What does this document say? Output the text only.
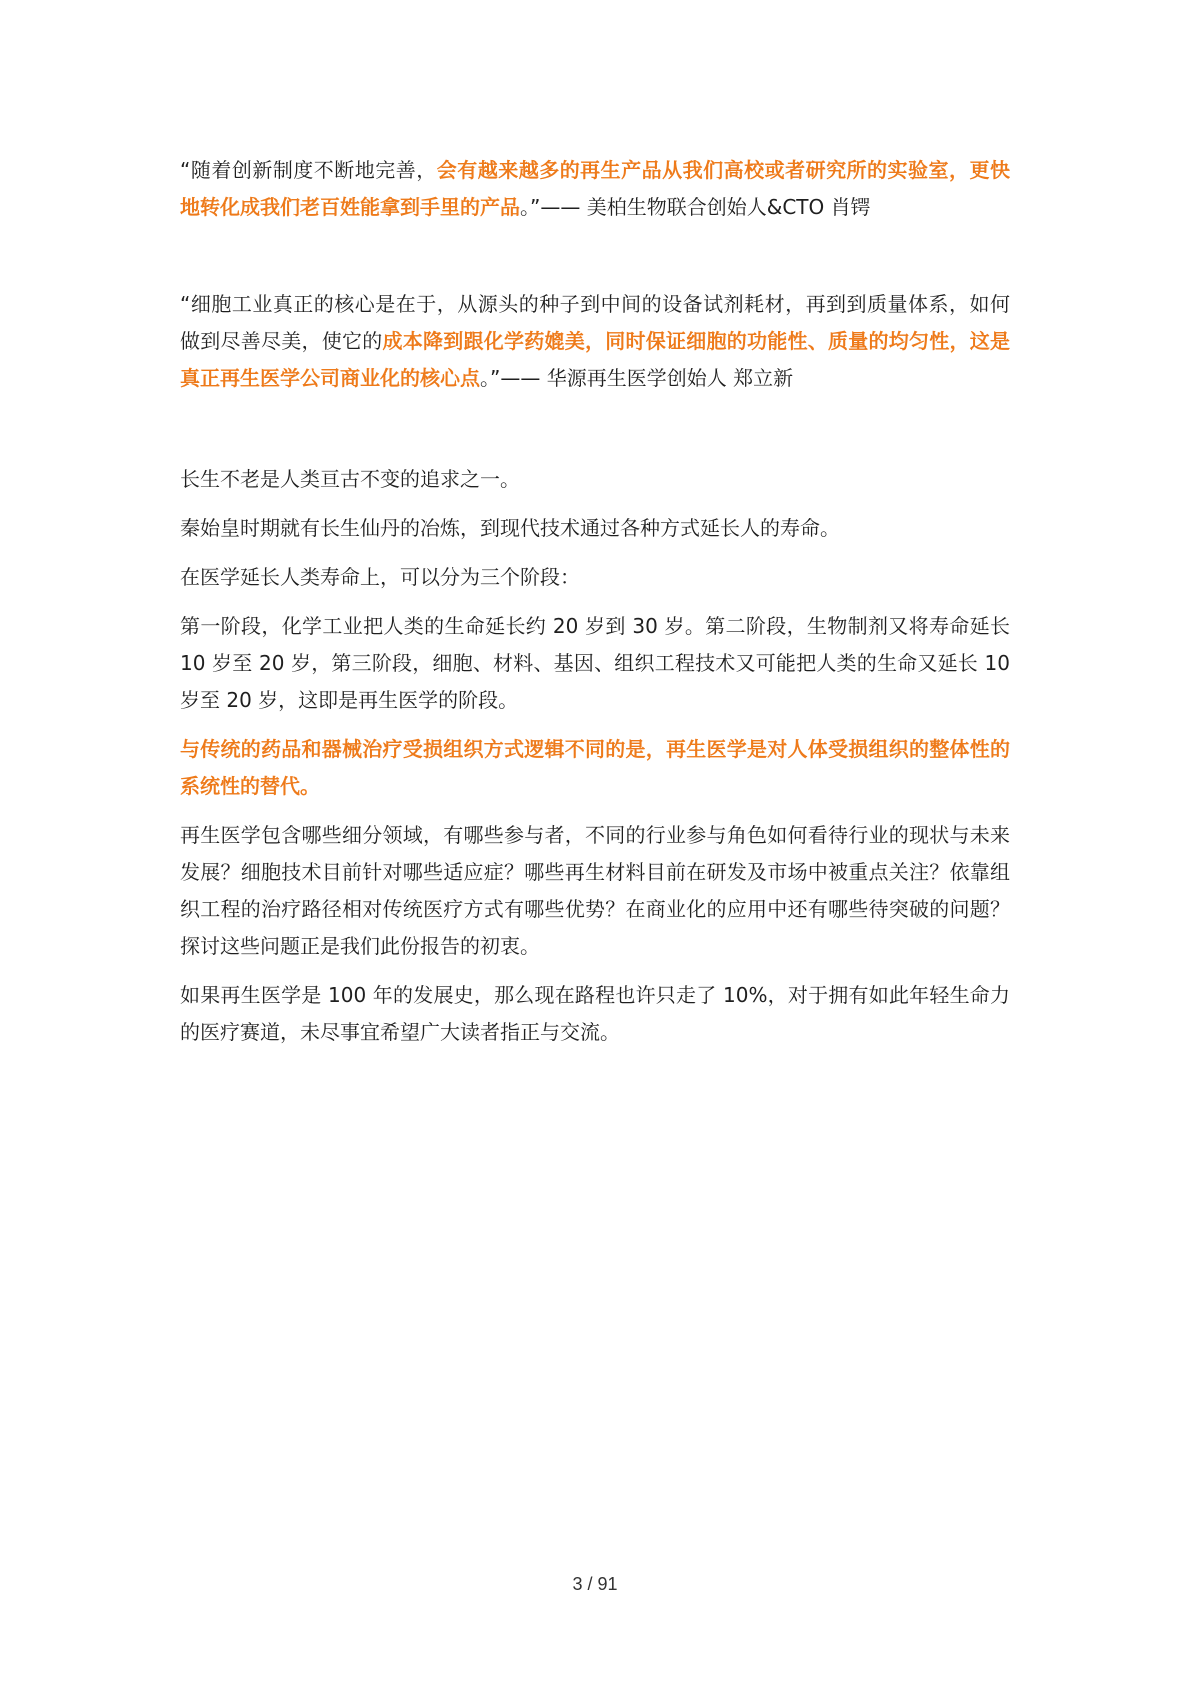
“随着创新制度不断地完善，会有越来越多的再生产品从我们高校或者研究所的实验室，更快地转化成我们老百姓能拿到手里的产品。”—— 美柏生物联合创始人&CTO 肖锷

“细胞工业真正的核心是在于，从源头的种子到中间的设备试剂耗材，再到到质量体系，如何做到尽善尽美，使它的成本降到跟化学药媲美，同时保证细胞的功能性、质量的均匀性，这是真正再生医学公司商业化的核心点。”—— 华源再生医学创始人 郑立新

长生不老是人类亘古不变的追求之一。

秦始皇时期就有长生仙丹的冶炼，到现代技术通过各种方式延长人的寿命。

在医学延长人类寿命上，可以分为三个阶段：

第一阶段，化学工业把人类的生命延长约 20 岁到 30 岁。第二阶段，生物制剂又将寿命延长 10 岁至 20 岁，第三阶段，细胞、材料、基因、组织工程技术又可能把人类的生命又延长 10 岁至 20 岁，这即是再生医学的阶段。

与传统的药品和器械治疗受损组织方式逻辑不同的是，再生医学是对人体受损组织的整体性的系统性的替代。

再生医学包含哪些细分领域，有哪些参与者，不同的行业参与角色如何看待行业的现状与未来发展？细胞技术目前针对哪些适应症？哪些再生材料目前在研发及市场中被重点关注？依靠组织工程的治疗路径相对传统医疗方式有哪些优势？在商业化的应用中还有哪些待突破的问题？探讨这些问题正是我们此份报告的初衷。

如果再生医学是 100 年的发展史，那么现在路程也许只走了 10%，对于拥有如此年轻生命力的医疗赛道，未尽事宜希望广大读者指正与交流。

3 / 91
